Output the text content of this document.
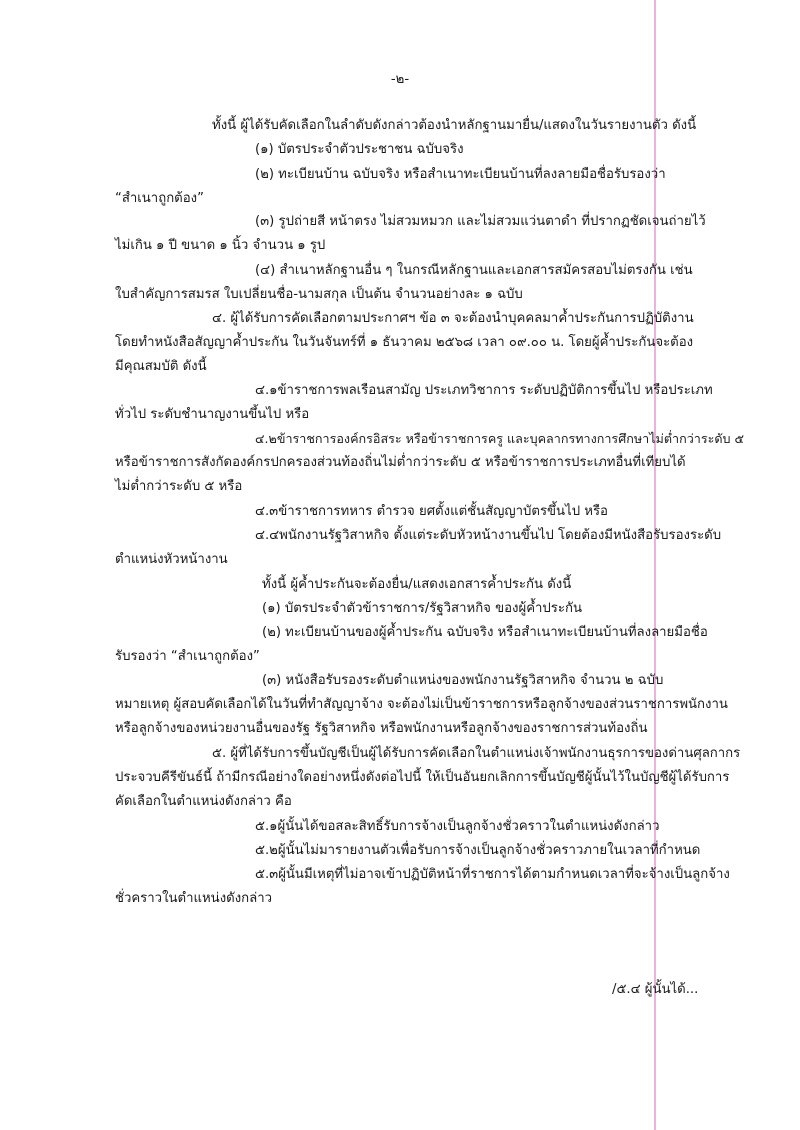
-๒-
ทั้งนี้ ผู้ได้รับคัดเลือกในลำดับดังกล่าวต้องนำหลักฐานมายื่น/แสดงในวันรายงานตัว ดังนี้
(๑) บัตรประจำตัวประชาชน ฉบับจริง
(๒) ทะเบียนบ้าน ฉบับจริง หรือสำเนาทะเบียนบ้านที่ลงลายมือชื่อรับรองว่า
“สำเนาถูกต้อง”
(๓) รูปถ่ายสี หน้าตรง ไม่สวมหมวก และไม่สวมแว่นตาดำ ที่ปรากฏชัดเจนถ่ายไว้
ไม่เกิน ๑ ปี ขนาด ๑ นิ้ว จำนวน ๑ รูป
(๔) สำเนาหลักฐานอื่น ๆ ในกรณีหลักฐานและเอกสารสมัครสอบไม่ตรงกัน เช่น
ใบสำคัญการสมรส ใบเปลี่ยนชื่อ-นามสกุล เป็นต้น จำนวนอย่างละ ๑ ฉบับ
๔. ผู้ได้รับการคัดเลือกตามประกาศฯ ข้อ ๓ จะต้องนำบุคคลมาค้ำประกันการปฏิบัติงาน
โดยทำหนังสือสัญญาค้ำประกัน ในวันจันทร์ที่ ๑ ธันวาคม ๒๕๖๘ เวลา ๐๙.๐๐ น. โดยผู้ค้ำประกันจะต้อง
มีคุณสมบัติ ดังนี้
๔.๑ข้าราชการพลเรือนสามัญ ประเภทวิชาการ ระดับปฏิบัติการขึ้นไป หรือประเภท
ทั่วไป ระดับชำนาญงานขึ้นไป หรือ
๔.๒ข้าราชการองค์กรอิสระ หรือข้าราชการครู และบุคลากรทางการศึกษาไม่ต่ำกว่าระดับ ๕
หรือข้าราชการสังกัดองค์กรปกครองส่วนท้องถิ่นไม่ต่ำกว่าระดับ ๕ หรือข้าราชการประเภทอื่นที่เทียบได้
ไม่ต่ำกว่าระดับ ๕ หรือ
๔.๓ข้าราชการทหาร ตำรวจ ยศตั้งแต่ชั้นสัญญาบัตรขึ้นไป หรือ
๔.๔พนักงานรัฐวิสาหกิจ ตั้งแต่ระดับหัวหน้างานขึ้นไป โดยต้องมีหนังสือรับรองระดับ
ตำแหน่งหัวหน้างาน
ทั้งนี้ ผู้ค้ำประกันจะต้องยื่น/แสดงเอกสารค้ำประกัน ดังนี้
(๑) บัตรประจำตัวข้าราชการ/รัฐวิสาหกิจ ของผู้ค้ำประกัน
(๒) ทะเบียนบ้านของผู้ค้ำประกัน ฉบับจริง หรือสำเนาทะเบียนบ้านที่ลงลายมือชื่อ
รับรองว่า “สำเนาถูกต้อง”
(๓) หนังสือรับรองระดับตำแหน่งของพนักงานรัฐวิสาหกิจ จำนวน ๒ ฉบับ
หมายเหตุ ผู้สอบคัดเลือกได้ในวันที่ทำสัญญาจ้าง จะต้องไม่เป็นข้าราชการหรือลูกจ้างของส่วนราชการพนักงาน
หรือลูกจ้างของหน่วยงานอื่นของรัฐ รัฐวิสาหกิจ หรือพนักงานหรือลูกจ้างของราชการส่วนท้องถิ่น
๕. ผู้ที่ได้รับการขึ้นบัญชีเป็นผู้ได้รับการคัดเลือกในตำแหน่งเจ้าพนักงานธุรการของด่านศุลกากร
ประจวบคีรีขันธ์นี้ ถ้ามีกรณีอย่างใดอย่างหนึ่งดังต่อไปนี้ ให้เป็นอันยกเลิกการขึ้นบัญชีผู้นั้นไว้ในบัญชีผู้ได้รับการ
คัดเลือกในตำแหน่งดังกล่าว คือ
๕.๑ผู้นั้นได้ขอสละสิทธิ์รับการจ้างเป็นลูกจ้างชั่วคราวในตำแหน่งดังกล่าว
๕.๒ผู้นั้นไม่มารายงานตัวเพื่อรับการจ้างเป็นลูกจ้างชั่วคราวภายในเวลาที่กำหนด
๕.๓ผู้นั้นมีเหตุที่ไม่อาจเข้าปฏิบัติหน้าที่ราชการได้ตามกำหนดเวลาที่จะจ้างเป็นลูกจ้าง
ชั่วคราวในตำแหน่งดังกล่าว
/๕.๔ ผู้นั้นได้...
